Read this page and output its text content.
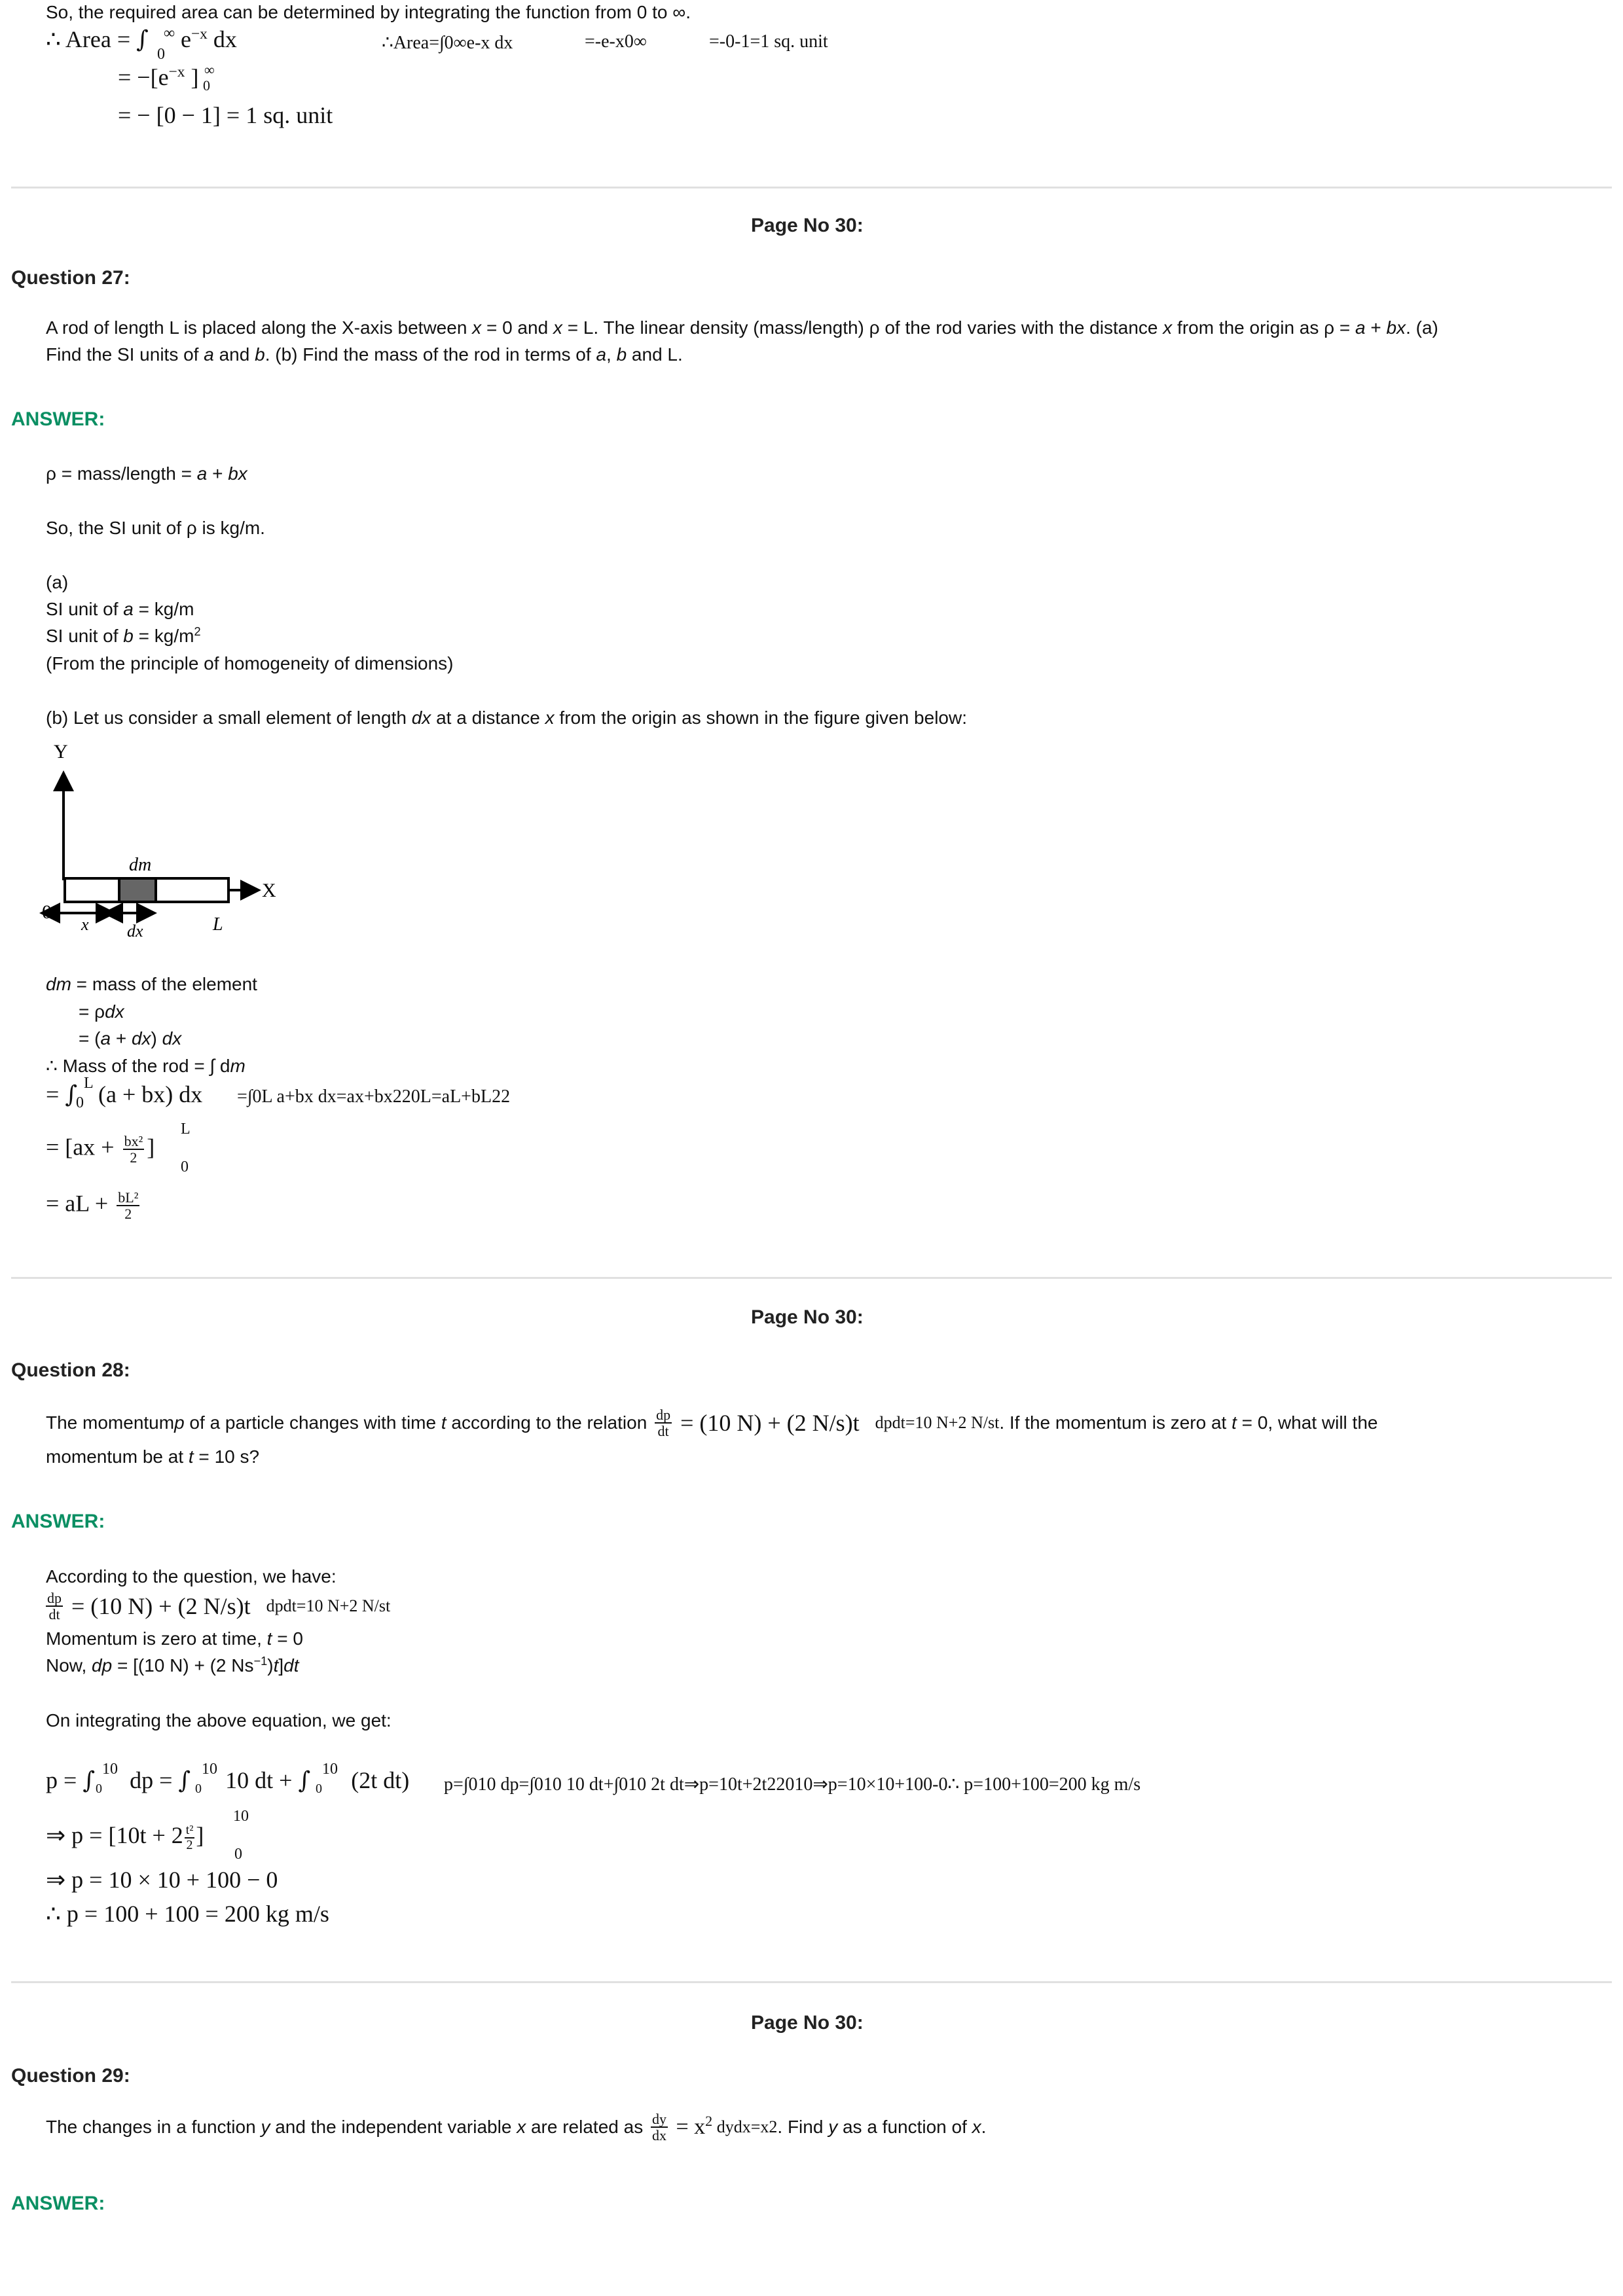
So, the required area can be determined by integrating the function from 0 to ∞.
∴ Area = ∫ ∞
0
$e^{-x}$ dx	∴Area=∫0∞e-x dx	=-e-x0∞	=-0-1=1 sq. unit
= $-[e^{-x}$ ] ∞
0
= − [0 − 1] = 1 sq. unit
Page No 30:
Question 27:
A rod of length L is placed along the X-axis between x = 0 and x = L. The linear density (mass/length) ρ of the rod varies with the distance x from the origin as ρ = a + bx. (a)
Find the SI units of a and b. (b) Find the mass of the rod in terms of a, b and L.
ANSWER:
ρ = mass/length = a + bx
So, the SI unit of ρ is kg/m.
(a)
SI unit of a = kg/m
SI unit of $b = kg/m^2$
(From the principle of homogeneity of dimensions)
(b) Let us consider a small element of length dx at a distance x from the origin as shown in the figure given below:
Y
dm
X
0
x dx	L
dm = mass of the element
= ρdx
= (a + dx) dx
∴ Mass of the rod = ∫ dm
= ∫ L
0 (a + bx) dx =∫0L a+bx dx=ax+bx220L=aL+bL22
= [$ax + \frac{\text{bx²}}{2}$ ]
L
0
= aL + $\frac{\text{bL²}}{2}$
Page No 30:
Question 28:
The momentum p of a particle changes with time t according to the relation $\frac{dp}{dt} = (10$ N) + (2 N/s)t dpdt=10 N+2 N/st . If the momentum is zero at t = 0, what will the
momentum be at t = 10 s?
ANSWER:
According to the question, we have:
$\frac{dp}{dt} = (10$ N) + (2 N/s)t dpdt=10 N+2 N/st
Momentum is zero at time, t = 0
Now, dp = [(10 N) + (2 $Ns^{-1})t]dt$
On integrating the above equation, we get:
p = ∫ dp = ∫ 10 dt + ∫  (2t dt)
10
0
10
0
10
0	p=∫010 dp=∫010 10 dt+∫010 2t dt⇒p=10t+2t22010⇒p=10×10+100-0∴ p=100+100=200 kg m/s
⇒ $p = [10t + 2 \frac{\text{t²}}{2}$ ]
10
0
⇒ p = 10 × 10 + 100 − 0
∴ p = 100 + 100 = 200 kg m/s
Page No 30:
Question 29:
The changes in a function y and the independent variable x are related as $\frac{dy}{dx} = x^2$ dydx=x2 . Find y as a function of x .
ANSWER:
